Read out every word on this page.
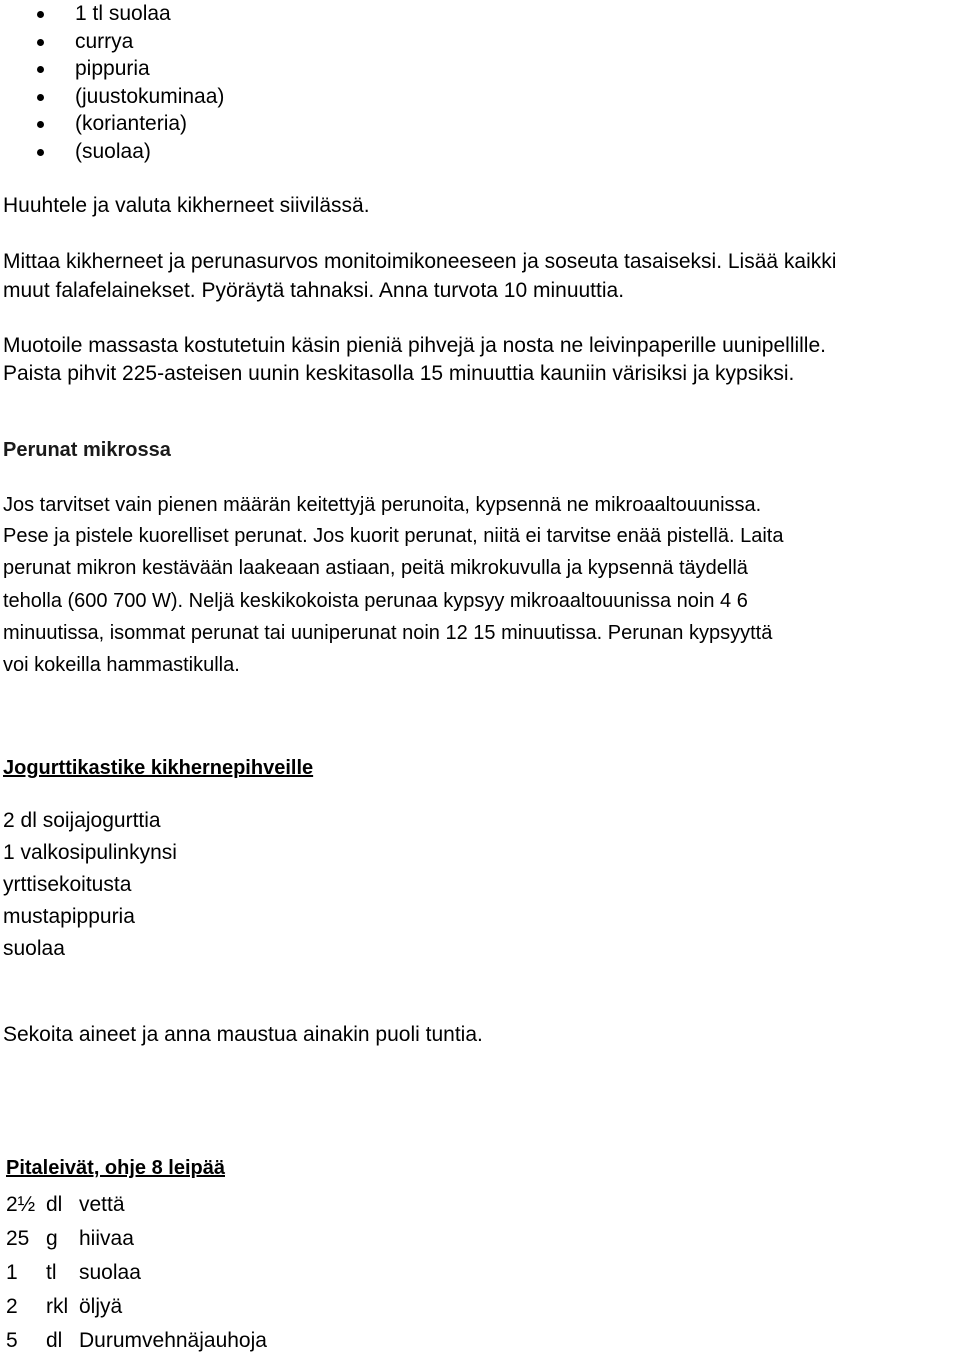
1 tl suolaa
currya
pippuria
(juustokuminaa)
(korianteria)
(suolaa)
Huuhtele ja valuta kikherneet siivilässä.
Mittaa kikherneet ja perunasurvos monitoimikoneeseen ja soseuta tasaiseksi. Lisää kaikki
muut falafelainekset. Pyöräytä tahnaksi. Anna turvota 10 minuuttia.
Muotoile massasta kostutetuin käsin pieniä pihvejä ja nosta ne leivinpaperille uunipellille.
Paista pihvit 225-asteisen uunin keskitasolla 15 minuuttia kauniin värisiksi ja kypsiksi.
Perunat mikrossa
Jos tarvitset vain pienen määrän keitettyjä perunoita, kypsennä ne mikroaaltouunissa.
Pese ja pistele kuorelliset perunat. Jos kuorit perunat, niitä ei tarvitse enää pistellä. Laita
perunat mikron kestävään laakeaan astiaan, peitä mikrokuvulla ja kypsennä täydellä
teholla (600 700 W). Neljä keskikokoista perunaa kypsyy mikroaaltouunissa noin 4 6
minuutissa, isommat perunat tai uuniperunat noin 12 15 minuutissa. Perunan kypsyyttä
voi kokeilla hammastikulla.
Jogurttikastike kikhernepihveille
2 dl soijajogurttia
1 valkosipulinkynsi
yrttisekoitusta
mustapippuria
suolaa
Sekoita aineet ja anna maustua ainakin puoli tuntia.
Pitaleivät, ohje 8 leipää
2½ dl vettä
25 g hiivaa
1 tl suolaa
2 rkl öljyä
5 dl Durumvehnäjauhoja
